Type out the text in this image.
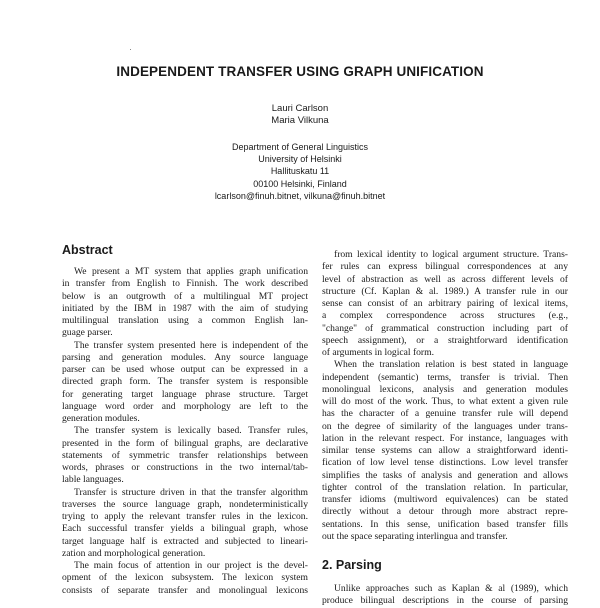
INDEPENDENT TRANSFER USING GRAPH UNIFICATION
Lauri Carlson
Maria Vilkuna
Department of General Linguistics
University of Helsinki
Hallituskatu 11
00100 Helsinki, Finland
lcarlson@finuh.bitnet, vilkuna@finuh.bitnet
Abstract
We present a MT system that applies graph unification
in transfer from English to Finnish. The work described
below is an outgrowth of a multilingual MT project
initiated by the IBM in 1987 with the aim of studying
multilingual translation using a common English lan-
guage parser.
The transfer system presented here is independent of the
parsing and generation modules. Any source language
parser can be used whose output can be expressed in a
directed graph form. The transfer system is responsible
for generating target language phrase structure. Target
language word order and morphology are left to the
generation modules.
The transfer system is lexically based. Transfer rules,
presented in the form of bilingual graphs, are declarative
statements of symmetric transfer relationships between
words, phrases or constructions in the two internal/tab-
lable languages.
Transfer is structure driven in that the transfer algorithm
traverses the source language graph, nondeterministically
trying to apply the relevant transfer rules in the lexicon.
Each successful transfer yields a bilingual graph, whose
target language half is extracted and subjected to lineari-
zation and morphological generation.
The main focus of attention in our project is the devel-
opment of the lexicon subsystem. The lexicon system
consists of separate transfer and monolingual lexicons
from lexical identity to logical argument structure. Trans-
fer rules can express bilingual correspondences at any
level of abstraction as well as across different levels of
structure (Cf. Kaplan & al. 1989.) A transfer rule in our
sense can consist of an arbitrary pairing of lexical items,
a complex correspondence across structures (e.g.,
"change" of grammatical construction including part of
speech assignment), or a straightforward identification
of arguments in logical form.
When the translation relation is best stated in language
independent (semantic) terms, transfer is trivial. Then
monolingual lexicons, analysis and generation modules
will do most of the work. Thus, to what extent a given rule
has the character of a genuine transfer rule will depend
on the degree of similarity of the languages under trans-
lation in the relevant respect. For instance, languages with
similar tense systems can allow a straightforward identi-
fication of low level tense distinctions. Low level transfer
simplifies the tasks of analysis and generation and allows
tighter control of the translation relation. In particular,
transfer idioms (multiword equivalences) can be stated
directly without a detour through more abstract repre-
sentations. In this sense, unification based transfer fills
out the space separating interlingua and transfer.
2. Parsing
Unlike approaches such as Kaplan & al (1989), which
produce bilingual descriptions in the course of parsing
